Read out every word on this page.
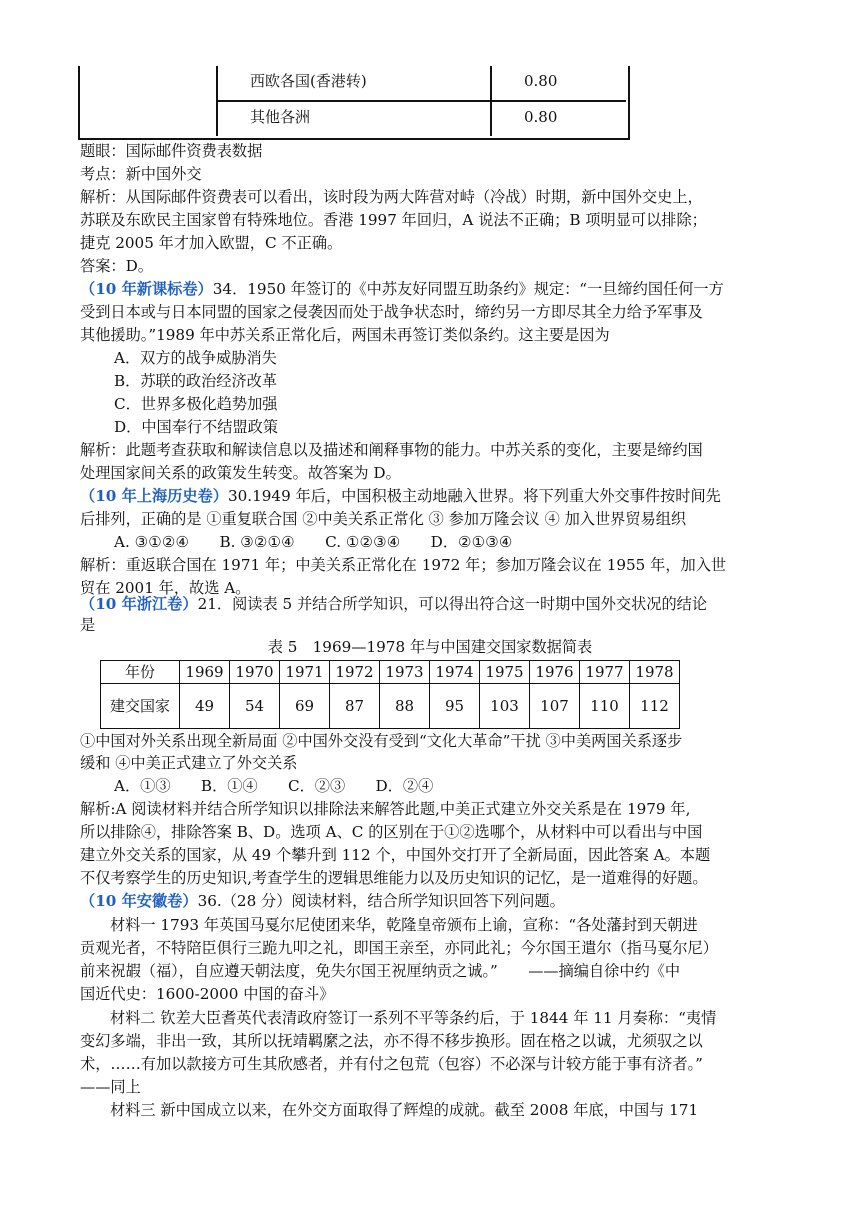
西欧各国(香港转)	0.80
其他各洲	0.80
题眼：国际邮件资费表数据
考点：新中国外交
解析：从国际邮件资费表可以看出，该时段为两大阵营对峙（冷战）时期，新中国外交史上，
苏联及东欧民主国家曾有特殊地位。香港 1997 年回归，A 说法不正确；B 项明显可以排除；
捷克 2005 年才加入欧盟，C 不正确。
答案：D。
（10 年新课标卷）34．1950 年签订的《中苏友好同盟互助条约》规定：“一旦缔约国任何一方
受到日本或与日本同盟的国家之侵袭因而处于战争状态时，缔约另一方即尽其全力给予军事及
其他援助。”1989 年中苏关系正常化后，两国未再签订类似条约。这主要是因为
A．双方的战争威胁消失
B．苏联的政治经济改革
C．世界多极化趋势加强
D．中国奉行不结盟政策
解析：此题考查获取和解读信息以及描述和阐释事物的能力。中苏关系的变化，主要是缔约国
处理国家间关系的政策发生转变。故答案为 D。
（10 年上海历史卷）30.1949 年后，中国积极主动地融入世界。将下列重大外交事件按时间先
后排列，正确的是 ①重复联合国 ②中美关系正常化 ③ 参加万隆会议 ④ 加入世界贸易组织
A. ③①②④　　B. ③②①④　　C. ①②③④　　D．②①③④
解析：重返联合国在 1971 年；中美关系正常化在 1972 年；参加万隆会议在 1955 年，加入世
贸在 2001 年，故选 A。
（10 年浙江卷）21．阅读表 5 并结合所学知识，可以得出符合这一时期中国外交状况的结论
是
表 5　1969—1978 年与中国建交国家数据简表
年份	1969	1970	1971	1972	1973	1974	1975	1976	1977	1978
建交国家	49	54	69	87	88	95	103	107	110	112
①中国对外关系出现全新局面 ②中国外交没有受到“文化大革命”干扰 ③中美两国关系逐步
缓和 ④中美正式建立了外交关系
A．①③　　B．①④　　C．②③　　D．②④
解析:A 阅读材料并结合所学知识以排除法来解答此题,中美正式建立外交关系是在 1979 年,
所以排除④，排除答案 B、D。选项 A、C 的区别在于①②选哪个，从材料中可以看出与中国
建立外交关系的国家，从 49 个攀升到 112 个，中国外交打开了全新局面，因此答案 A。本题
不仅考察学生的历史知识,考查学生的逻辑思维能力以及历史知识的记忆，是一道难得的好题。
（10 年安徽卷）36.（28 分）阅读材料，结合所学知识回答下列问题。
材料一 1793 年英国马戛尔尼使团来华，乾隆皇帝颁布上谕，宣称：“各处藩封到天朝进
贡观光者，不特陪臣俱行三跪九叩之礼，即国王亲至，亦同此礼；今尔国王遣尔（指马戛尔尼）
前来祝嘏（福），自应遵天朝法度，免失尔国王祝厘纳贡之诚。”　　——摘编自徐中约《中
国近代史：1600-2000 中国的奋斗》
材料二 钦差大臣耆英代表清政府签订一系列不平等条约后，于 1844 年 11 月奏称：“夷情
变幻多端，非出一致，其所以抚靖羁縻之法，亦不得不移步换形。固在格之以诚，尤须驭之以
术，……有加以款接方可生其欣感者，并有付之包荒（包容）不必深与计较方能于事有济者。”
——同上
材料三 新中国成立以来，在外交方面取得了辉煌的成就。截至 2008 年底，中国与 171
